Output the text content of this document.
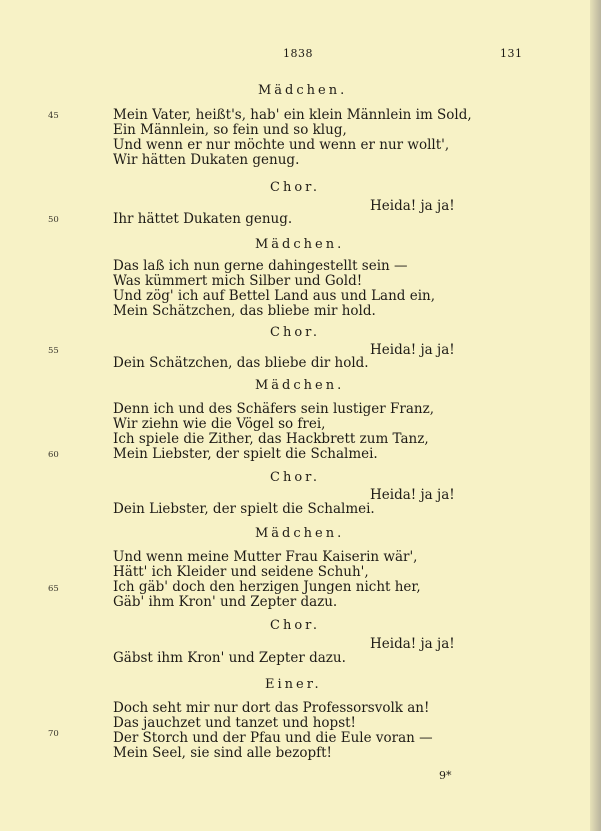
1838	131
Mädchen.
Mein Vater, heißt's, hab' ein klein Männlein im Sold,
Ein Männlein, so fein und so klug,
Und wenn er nur möchte und wenn er nur wollt',
Wir hätten Dukaten genug.
Chor.
Heida! ja ja!
Ihr hättet Dukaten genug.
Mädchen.
Das laß ich nun gerne dahingestellt sein —
Was kümmert mich Silber und Gold!
Und zög' ich auf Bettel Land aus und Land ein,
Mein Schätzchen, das bliebe mir hold.
Chor.
Heida! ja ja!
Dein Schätzchen, das bliebe dir hold.
Mädchen.
Denn ich und des Schäfers sein lustiger Franz,
Wir ziehn wie die Vögel so frei,
Ich spiele die Zither, das Hackbrett zum Tanz,
Mein Liebster, der spielt die Schalmei.
Chor.
Heida! ja ja!
Dein Liebster, der spielt die Schalmei.
Mädchen.
Und wenn meine Mutter Frau Kaiserin wär',
Hätt' ich Kleider und seidene Schuh',
Ich gäb' doch den herzigen Jungen nicht her,
Gäb' ihm Kron' und Zepter dazu.
Chor.
Heida! ja ja!
Gäbst ihm Kron' und Zepter dazu.
Einer.
Doch seht mir nur dort das Professorsvolk an!
Das jauchzet und tanzet und hopst!
Der Storch und der Pfau und die Eule voran —
Mein Seel, sie sind alle bezopft!
45
50
55
60
65
70
9*
